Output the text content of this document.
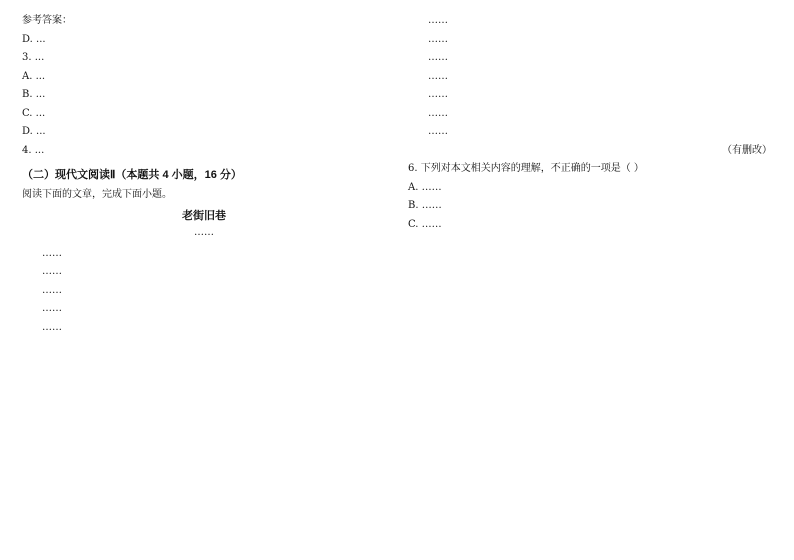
参考答案：
D. ...
3. ...
A. ...
B. ...
C. ...
D. ...
4. ...
（二）现代文阅读Ⅱ（本题共 4 小题，16 分）
阅读下面的文章，完成下面小题。
老街旧巷
……

……

……

……

……

……

……

……

……

……

……

……

……

（有删改）
6. 下列对本文相关内容的理解，不正确的一项是（ ）
A. ……
B. ……
C. ……
